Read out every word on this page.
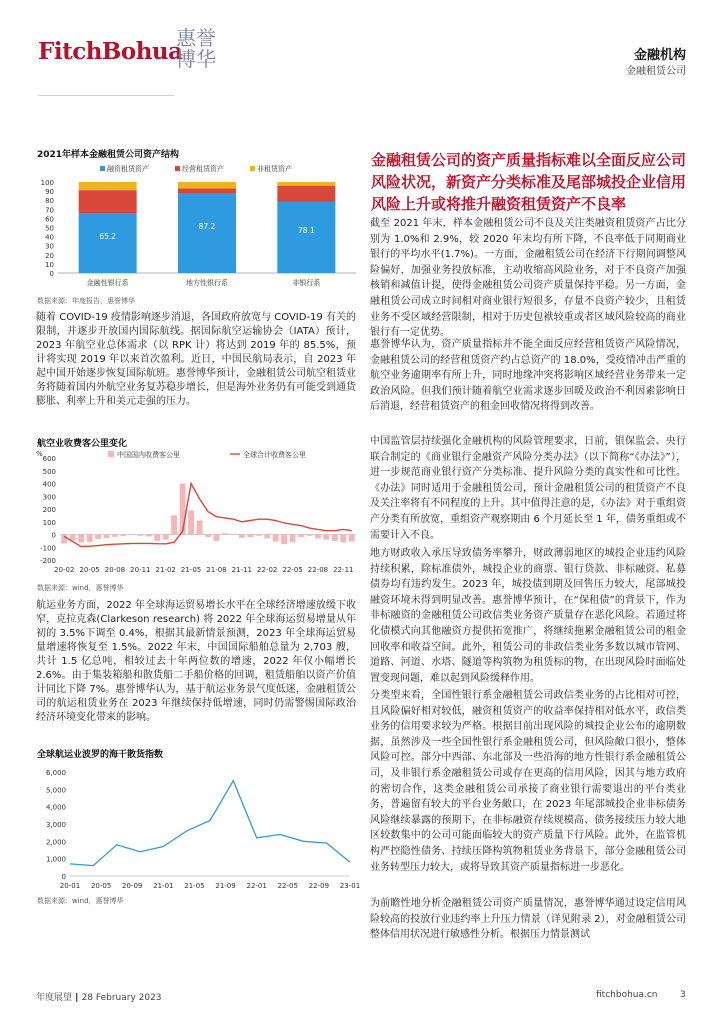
FitchBohua
惠誉博华	金融机构
金融租赁公司
2021年样本金融租赁公司资产结构
0
10
20
30
40
50
60
70
80
90
100
65.2
金融性银行系
87.2
地方性银行系
78.1
非银行系
融资租赁资产	经营租赁资产	非租赁资产
数据来源：年度报告，惠誉博华
随着 COVID-19 疫情影响逐步消退，各国政府放宽与 COVID-19 有关的限制，并逐步开放国内国际航线。据国际航空运输协会（IATA）预计，2023 年航空业总体需求（以 RPK 计）将达到 2019 年的 85.5%，预计将实现 2019 年以来首次盈利。近日，中国民航局表示，自 2023 年起中国开始逐步恢复国际航班。惠誉博华预计，金融租赁公司航空租赁业务将随着国内外航空业务复苏稳步增长，但是海外业务仍有可能受到通货膨胀、利率上升和美元走强的压力。
航空业收费客公里变化
%
-200
-100
0
100
200
300
400
500
600
20-02 20-05 20-08 20-11 21-02 21-05 21-08 21-11 22-02 22-05 22-08 22-11
中国国内收费客公里	全球合计收费客公里
数据来源：wind，惠誉博华
航运业务方面，2022 年全球海运贸易增长水平在全球经济增速放缓下收窄，克拉克森(Clarkeson research) 将 2022 年全球海运贸易增量从年初的 3.5%下调至 0.4%，根据其最新情景预测，2023 年全球海运贸易量增速将恢复至 1.5%。2022 年末，中国国际船舶总量为 2,703 艘，共计 1.5 亿总吨，相较过去十年两位数的增速，2022 年仅小幅增长 2.6%。由于集装箱船和散货船二手船价格的回调，租赁船舶以资产价值计同比下降 7%。惠誉博华认为，基于航运业务景气度低迷，金融租赁公司的航运租赁业务在 2023 年继续保持低增速，同时仍需警惕国际政治经济环境变化带来的影响。
全球航运业波罗的海干散货指数
0
1,000
2,000
3,000
4,000
5,000
6,000
20-01 20-05 20-09 21-01 21-05 21-09 22-01 22-05 22-09 23-01
数据来源：wind，惠誉博华
金融租赁公司的资产质量指标难以全面反应公司风险状况，新资产分类标准及尾部城投企业信用风险上升或将推升融资租赁资产不良率
截至 2021 年末，样本金融租赁公司不良及关注类融资租赁资产占比分别为 1.0%和 2.9%，较 2020 年末均有所下降，不良率低于同期商业银行的平均水平(1.7%)。一方面，金融租赁公司在经济下行期间调整风险偏好，加强业务投放标准，主动收缩高风险业务，对于不良资产加强核销和减值计提，使得金融租赁公司资产质量保持平稳。另一方面，金融租赁公司成立时间相对商业银行短很多，存量不良资产较少，且租赁业务不受区域经营限制，相对于历史包袱较重或者区域风险较高的商业银行有一定优势。
惠誉博华认为，资产质量指标并不能全面反应经营租赁资产风险情况，金融租赁公司的经营租赁资产约占总资产的 18.0%，受疫情冲击严重的航空业务逾期率有所上升，同时地缘冲突将影响区域经营业务带来一定政治风险。但我们预计随着航空业需求逐步回暖及政治不利因素影响日后消退，经营租赁资产的租金回收情况将得到改善。
中国监管层持续强化金融机构的风险管理要求，日前，银保监会、央行联合制定的《商业银行金融资产风险分类办法》（以下简称“《办法》”），进一步规范商业银行资产分类标准、提升风险分类的真实性和可比性。《办法》同时适用于金融租赁公司，预计金融租赁公司的租赁资产不良及关注率将有不同程度的上升。其中值得注意的是，《办法》对于重组资产分类有所放宽，重组资产观察期由 6 个月延长至 1 年，债务重组或不需要计入不良。
地方财政收入承压导致债务率攀升，财政薄弱地区的城投企业违约风险持续积累，除标准债外，城投企业的商票、银行贷款、非标融资、私募债券均有违约发生。2023 年，城投债到期及回售压力较大，尾部城投融资环境未得到明显改善。惠誉博华预计，在“保租债”的背景下，作为非标融资的金融租赁公司政信类业务资产质量存在恶化风险。若通过将化债模式向其他融资方提供拓宽推广，将继续拖累金融租赁公司的租金回收率和收益空间。此外，租赁公司的非政信类业务多数以城市管网、道路、河道、水塔、隧道等构筑物为租赁标的物，在出现风险时面临处置变现问题，难以起到风险缓释作用。
分类型来看，全国性银行系金融租赁公司政信类业务的占比相对可控，且风险偏好相对较低，融资租赁资产的收益率保持相对低水平，政信类业务的信用要求较为严格。根据目前出现风险的城投企业公布的逾期数据，虽然涉及一些全国性银行系金融租赁公司，但风险敞口很小，整体风险可控。部分中西部、东北部及一些沿海的地方性银行系金融租赁公司，及非银行系金融租赁公司或存在更高的信用风险，因其与地方政府的密切合作，这类金融租赁公司承接了商业银行需要退出的平台类业务，普遍留有较大的平台业务敞口，在 2023 年尾部城投企业非标债务风险继续暴露的预期下，在非标融资存续规模高、债务接续压力较大地区较数集中的公司可能面临较大的资产质量下行风险。此外，在监管机构严控隐性债务、持续压降构筑物租赁业务背景下，部分金融租赁公司业务转型压力较大，或将导致其资产质量指标进一步恶化。
为前瞻性地分析金融租赁公司资产质量情况，惠誉博华通过设定信用风险较高的投放行业违约率上升压力情景（详见附录 2），对金融租赁公司整体信用状况进行敏感性分析。根据压力情景测试
年度展望 | 28 February 2023	fitchbohua.cn 3
